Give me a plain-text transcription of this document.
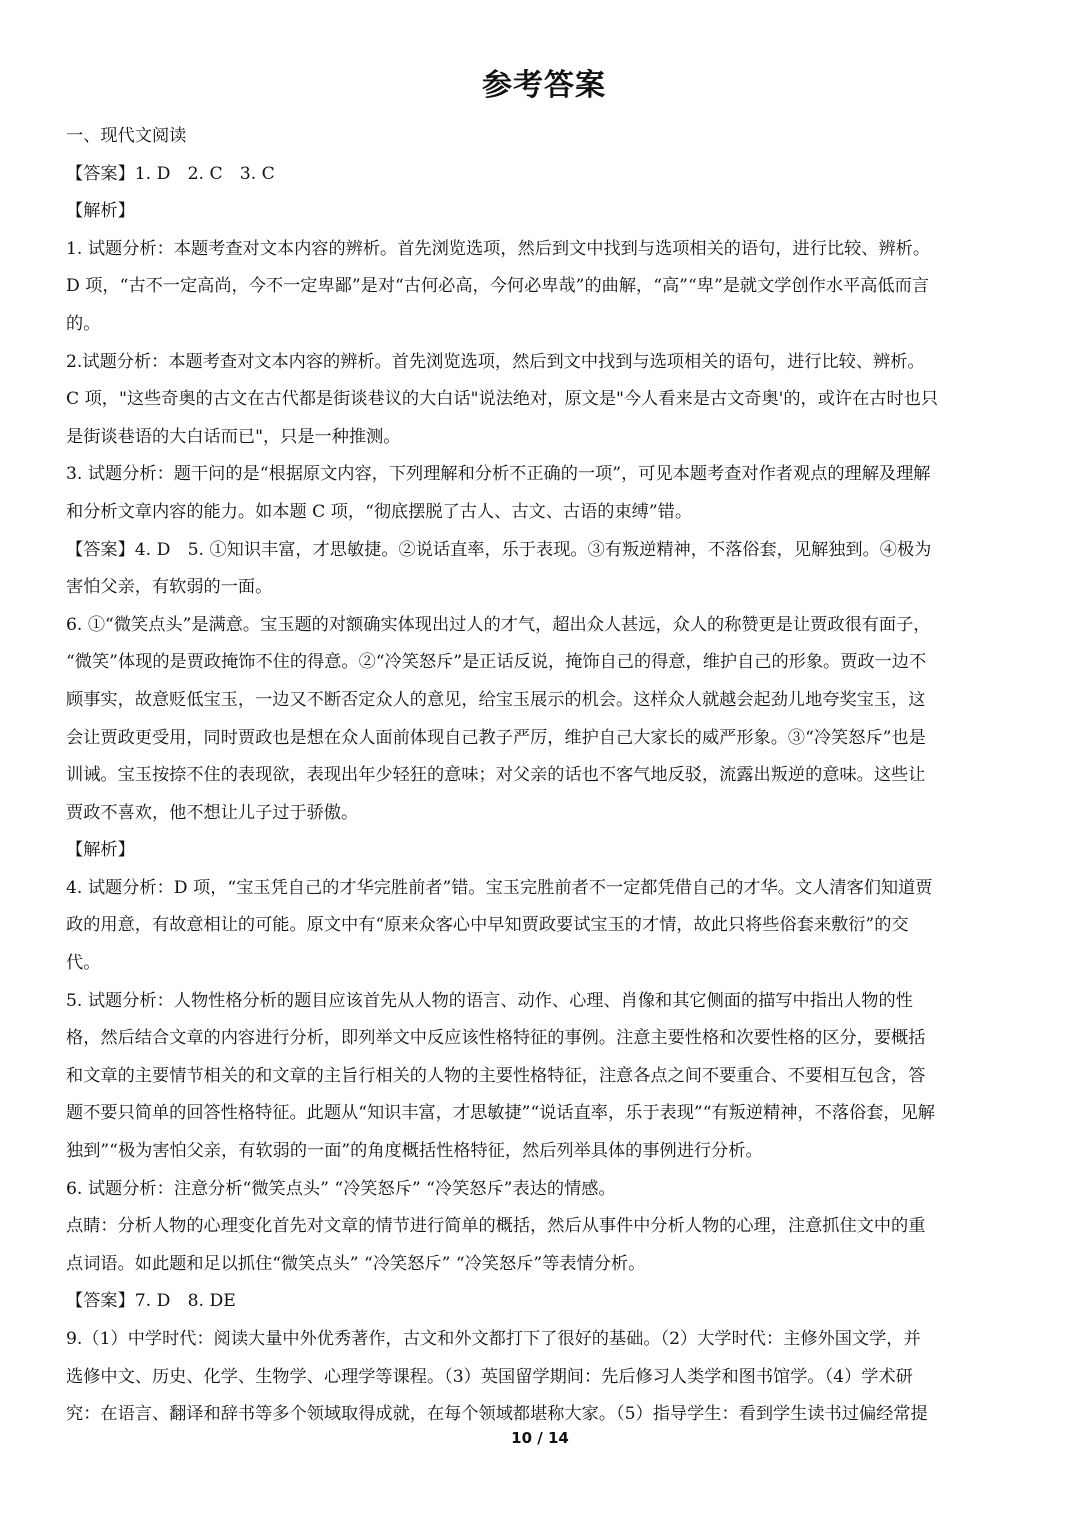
参考答案

一、现代文阅读

【答案】1. D　2. C　3. C

【解析】

1. 试题分析：本题考查对文本内容的辨析。首先浏览选项，然后到文中找到与选项相关的语句，进行比较、辨析。

D 项，“古不一定高尚，今不一定卑鄙”是对“古何必高，今何必卑哉”的曲解，“高”“卑”是就文学创作水平高低而言

的。

2.试题分析：本题考查对文本内容的辨析。首先浏览选项，然后到文中找到与选项相关的语句，进行比较、辨析。

C 项，"这些奇奥的古文在古代都是街谈巷议的大白话"说法绝对，原文是"今人看来是古文奇奥'的，或许在古时也只

是街谈巷语的大白话而已"，只是一种推测。

3. 试题分析：题干问的是“根据原文内容，下列理解和分析不正确的一项”，可见本题考查对作者观点的理解及理解

和分析文章内容的能力。如本题 C 项，“彻底摆脱了古人、古文、古语的束缚”错。

【答案】4. D　5. ①知识丰富，才思敏捷。②说话直率，乐于表现。③有叛逆精神，不落俗套，见解独到。④极为

害怕父亲，有软弱的一面。

6. ①“微笑点头”是满意。宝玉题的对额确实体现出过人的才气，超出众人甚远，众人的称赞更是让贾政很有面子，

“微笑”体现的是贾政掩饰不住的得意。②“冷笑怒斥”是正话反说，掩饰自己的得意，维护自己的形象。贾政一边不

顾事实，故意贬低宝玉，一边又不断否定众人的意见，给宝玉展示的机会。这样众人就越会起劲儿地夸奖宝玉，这

会让贾政更受用，同时贾政也是想在众人面前体现自己教子严厉，维护自己大家长的威严形象。③“冷笑怒斥”也是

训诫。宝玉按捺不住的表现欲，表现出年少轻狂的意味；对父亲的话也不客气地反驳，流露出叛逆的意味。这些让

贾政不喜欢，他不想让儿子过于骄傲。

【解析】

4. 试题分析：D 项，“宝玉凭自己的才华完胜前者”错。宝玉完胜前者不一定都凭借自己的才华。文人清客们知道贾

政的用意，有故意相让的可能。原文中有“原来众客心中早知贾政要试宝玉的才情，故此只将些俗套来敷衍”的交

代。

5. 试题分析：人物性格分析的题目应该首先从人物的语言、动作、心理、肖像和其它侧面的描写中指出人物的性

格，然后结合文章的内容进行分析，即列举文中反应该性格特征的事例。注意主要性格和次要性格的区分，要概括

和文章的主要情节相关的和文章的主旨行相关的人物的主要性格特征，注意各点之间不要重合、不要相互包含，答

题不要只简单的回答性格特征。此题从“知识丰富，才思敏捷”“说话直率，乐于表现”“有叛逆精神，不落俗套，见解

独到”“极为害怕父亲，有软弱的一面”的角度概括性格特征，然后列举具体的事例进行分析。

6. 试题分析：注意分析“微笑点头” “冷笑怒斥” “冷笑怒斥”表达的情感。

点睛：分析人物的心理变化首先对文章的情节进行简单的概括，然后从事件中分析人物的心理，注意抓住文中的重

点词语。如此题和足以抓住“微笑点头” “冷笑怒斥” “冷笑怒斥”等表情分析。

【答案】7. D　8. DE

9.（1）中学时代：阅读大量中外优秀著作，古文和外文都打下了很好的基础。（2）大学时代：主修外国文学，并

选修中文、历史、化学、生物学、心理学等课程。（3）英国留学期间：先后修习人类学和图书馆学。（4）学术研

究：在语言、翻译和辞书等多个领域取得成就，在每个领域都堪称大家。（5）指导学生：看到学生读书过偏经常提

10 / 14
